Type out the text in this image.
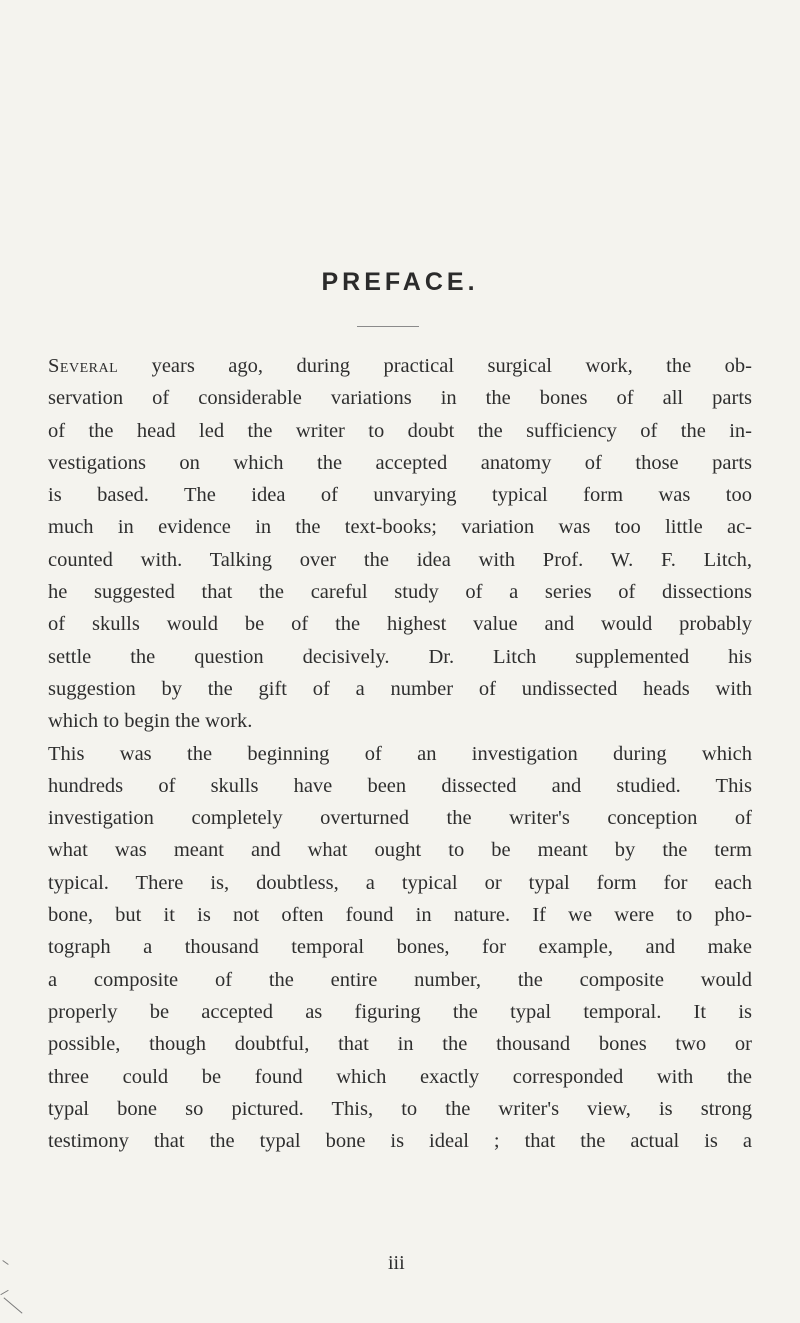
PREFACE.
Several years ago, during practical surgical work, the ob-
servation of considerable variations in the bones of all parts
of the head led the writer to doubt the sufficiency of the in-
vestigations on which the accepted anatomy of those parts
is based. The idea of unvarying typical form was too
much in evidence in the text-books; variation was too little ac-
counted with. Talking over the idea with Prof. W. F. Litch,
he suggested that the careful study of a series of dissections
of skulls would be of the highest value and would probably
settle the question decisively. Dr. Litch supplemented his
suggestion by the gift of a number of undissected heads with
which to begin the work.
This was the beginning of an investigation during which
hundreds of skulls have been dissected and studied. This
investigation completely overturned the writer's conception of
what was meant and what ought to be meant by the term
typical. There is, doubtless, a typical or typal form for each
bone, but it is not often found in nature. If we were to pho-
tograph a thousand temporal bones, for example, and make
a composite of the entire number, the composite would
properly be accepted as figuring the typal temporal. It is
possible, though doubtful, that in the thousand bones two or
three could be found which exactly corresponded with the
typal bone so pictured. This, to the writer's view, is strong
testimony that the typal bone is ideal ; that the actual is a
iii
